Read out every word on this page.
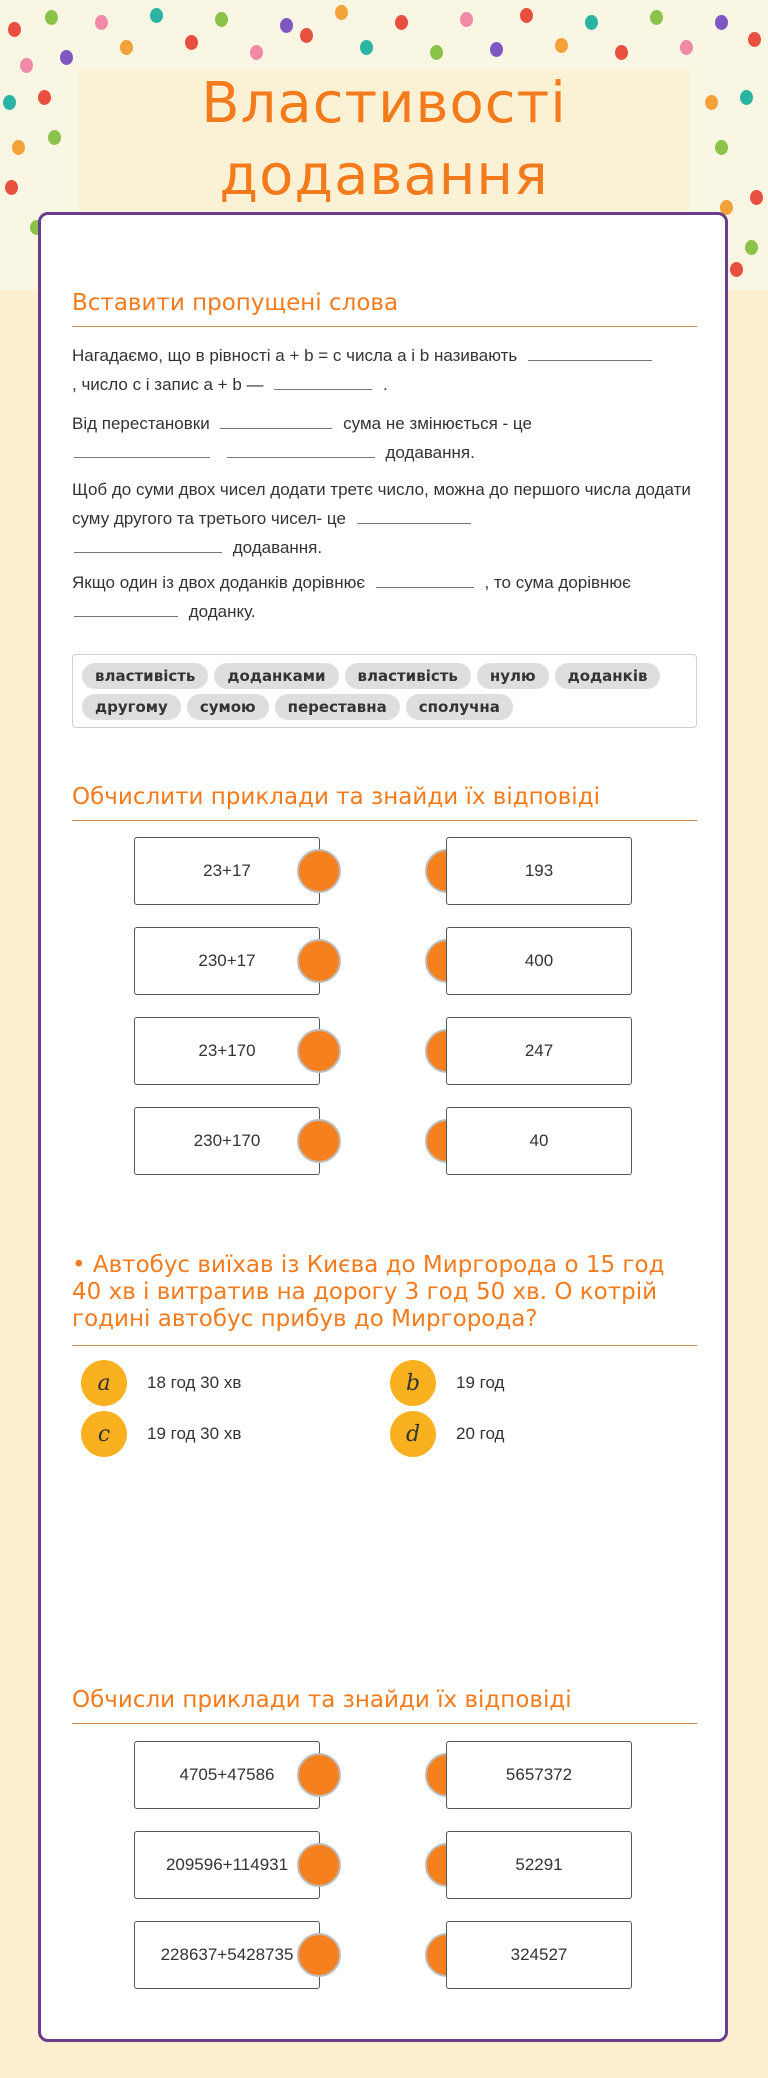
Властивості додавання
Вставити пропущені слова
Нагадаємо, що в рівності a + b = c числа a і b називають
, число c і запис a + b —	.
Від перестановки	сума не змінюється - це
додавання.
Щоб до суми двох чисел додати третє число, можна до першого числа додати суму другого та третього чисел- це
додавання.
Якщо один із двох доданків дорівнює	, то сума дорівнює
доданку.
властивість доданками властивість нулю доданків
другому сумою переставна сполучна
Обчислити приклади та знайди їх відповіді
23+17	193
230+17	400
23+170	247
230+170	40
• Автобус виїхав із Києва до Миргорода о 15 год 40 хв і витратив на дорогу 3 год 50 хв. О котрій годині автобус прибув до Миргорода?
a	18 год 30 хв	b	19 год
c	19 год 30 хв	d	20 год
Обчисли приклади та знайди їх відповіді
4705+47586	5657372
209596+114931	52291
228637+5428735	324527
